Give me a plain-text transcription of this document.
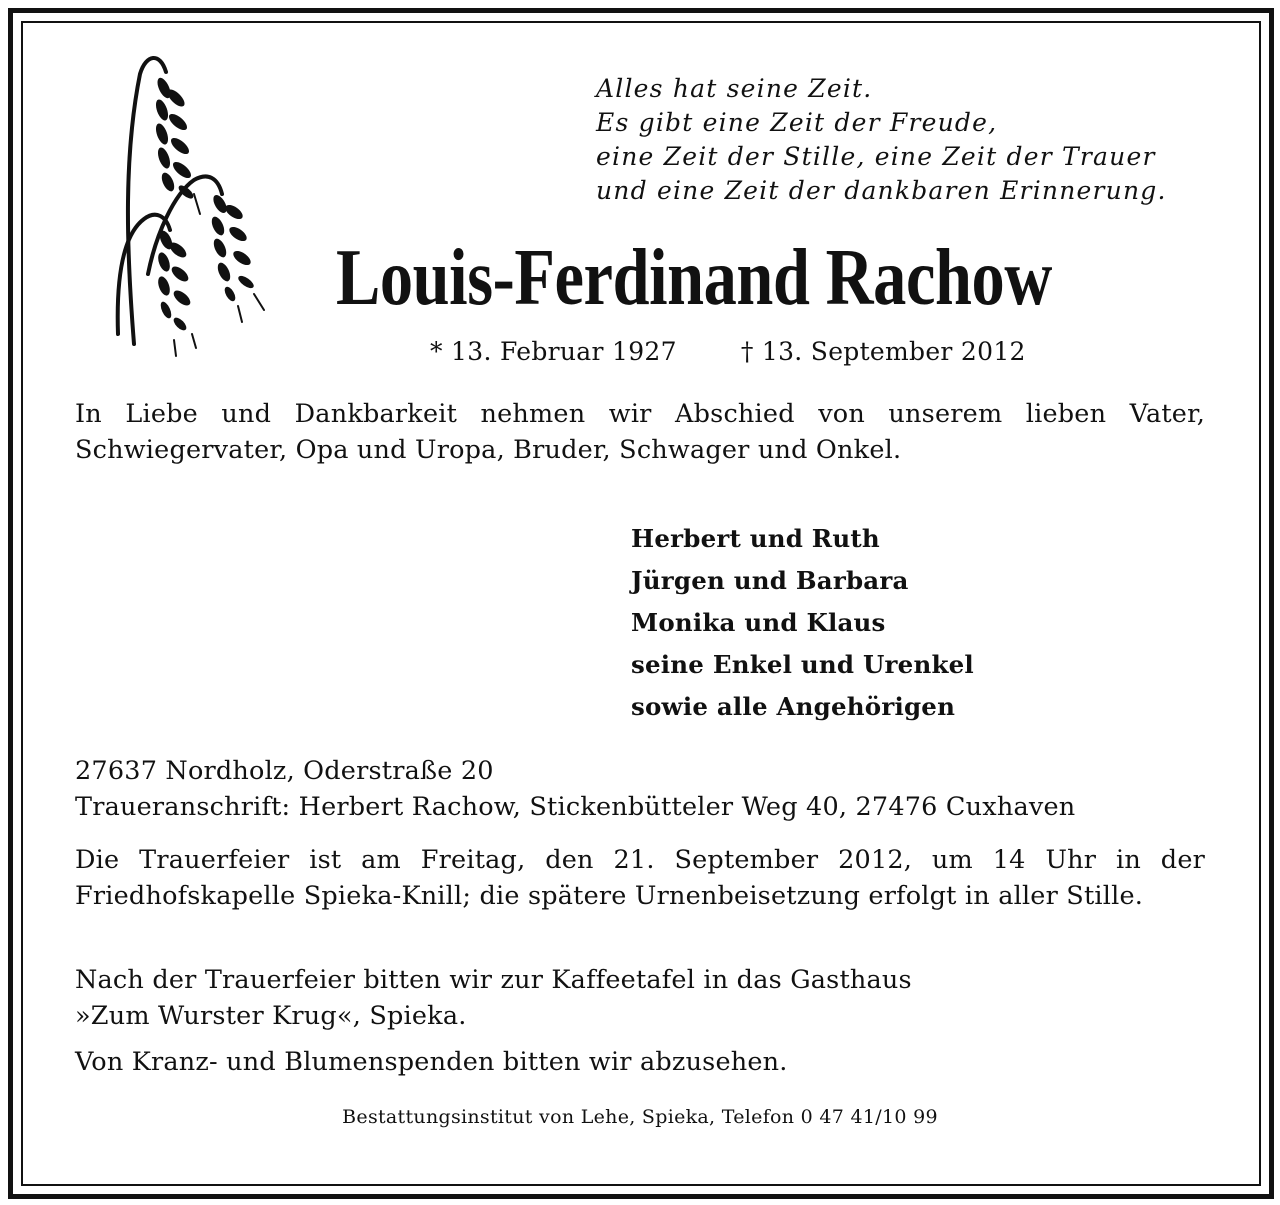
Alles hat seine Zeit.
Es gibt eine Zeit der Freude,
eine Zeit der Stille, eine Zeit der Trauer
und eine Zeit der dankbaren Erinnerung.
Louis-Ferdinand Rachow
* 13. Februar 1927	† 13. September 2012
In Liebe und Dankbarkeit nehmen wir Abschied von unserem lieben Vater, Schwiegervater, Opa und Uropa, Bruder, Schwager und Onkel.
Herbert und Ruth
Jürgen und Barbara
Monika und Klaus
seine Enkel und Urenkel
sowie alle Angehörigen
27637 Nordholz, Oderstraße 20
Traueranschrift: Herbert Rachow, Stickenbütteler Weg 40, 27476 Cuxhaven
Die Trauerfeier ist am Freitag, den 21. September 2012, um 14 Uhr in der Friedhofskapelle Spieka-Knill; die spätere Urnenbeisetzung erfolgt in aller Stille.
Nach der Trauerfeier bitten wir zur Kaffeetafel in das Gasthaus
»Zum Wurster Krug«, Spieka.
Von Kranz- und Blumenspenden bitten wir abzusehen.
Bestattungsinstitut von Lehe, Spieka, Telefon 0 47 41/10 99
